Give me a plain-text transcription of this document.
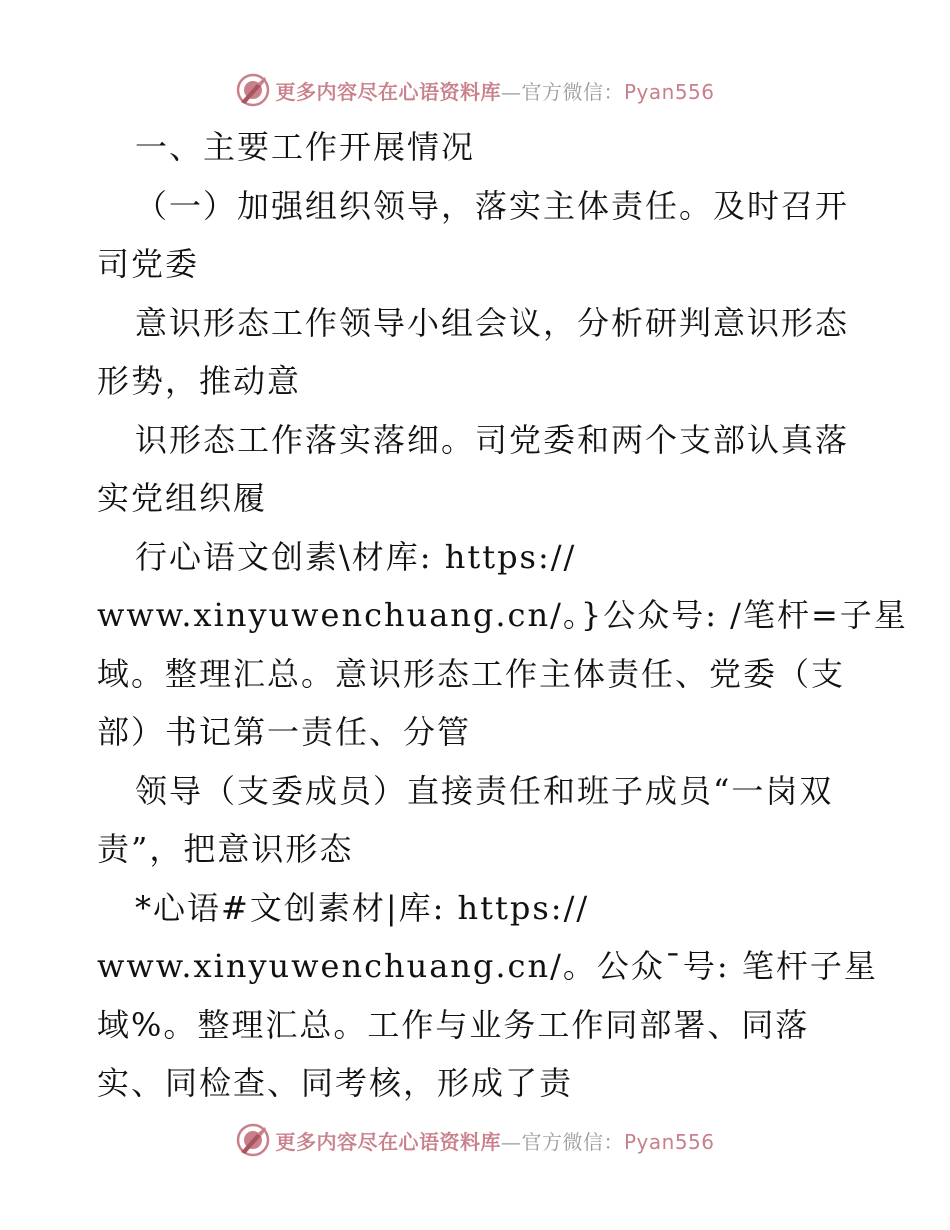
更多内容尽在心语资料库—官方微信：Pyan556
一、主要工作开展情况
（一）加强组织领导，落实主体责任。及时召开
司党委
意识形态工作领导小组会议，分析研判意识形态
形势，推动意
识形态工作落实落细。司党委和两个支部认真落
实党组织履
行心语文创素\材库: https://
www.xinyuwenchuang.cn/。}公众号: /笔杆=子星
域。整理汇总。意识形态工作主体责任、党委（支
部）书记第一责任、分管
领导（支委成员）直接责任和班子成员“一岗双
责”，把意识形态
*心语#文创素材|库: https://
www.xinyuwenchuang.cn/。公众¯号: 笔杆子星
域%。整理汇总。工作与业务工作同部署、同落
实、同检查、同考核，形成了责
更多内容尽在心语资料库—官方微信：Pyan556
